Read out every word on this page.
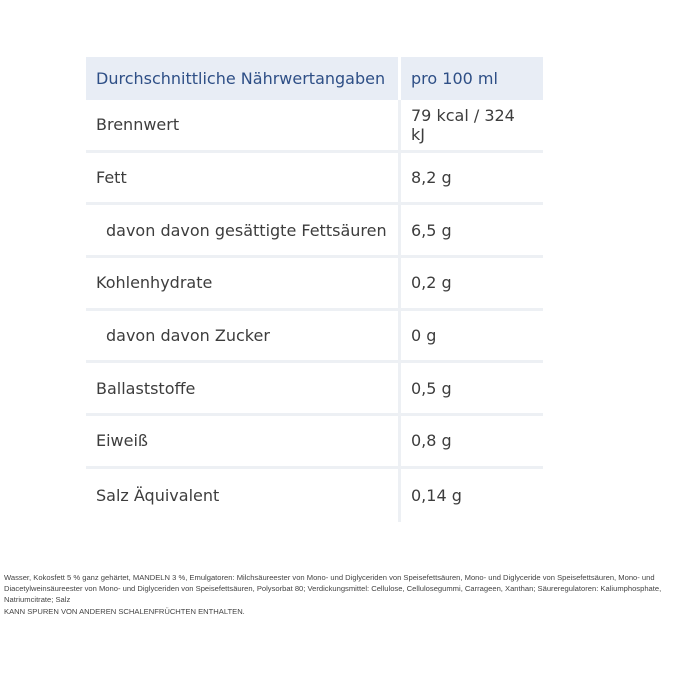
Durchschnittliche Nährwertangaben	pro 100 ml
Brennwert	79 kcal / 324 kJ
Fett	8,2 g
davon davon gesättigte Fettsäuren	6,5 g
Kohlenhydrate	0,2 g
davon davon Zucker	0 g
Ballaststoffe	0,5 g
Eiweiß	0,8 g
Salz Äquivalent	0,14 g

Wasser, Kokosfett 5 % ganz gehärtet, MANDELN 3 %, Emulgatoren: Milchsäureester von Mono- und Diglyceriden von Speisefettsäuren, Mono- und Diglyceride von Speisefettsäuren, Mono- und Diacetylweinsäureester von Mono- und Diglyceriden von Speisefettsäuren, Polysorbat 80; Verdickungsmittel: Cellulose, Cellulosegummi, Carrageen, Xanthan; Säureregulatoren: Kaliumphosphate, Natriumcitrate; Salz

KANN SPUREN VON ANDEREN SCHALENFRÜCHTEN ENTHALTEN.
